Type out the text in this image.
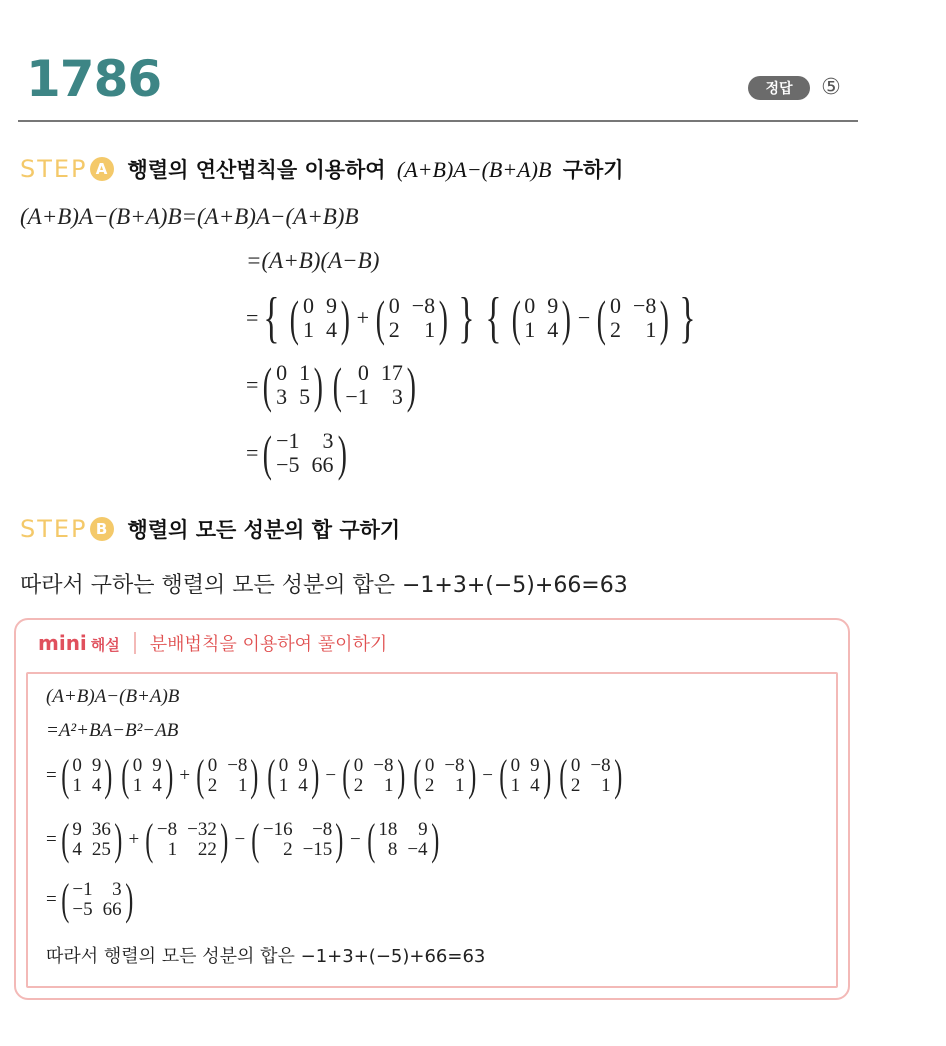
1786	정답	⑤
STEP A 행렬의 연산법칙을 이용하여 (A+B)A−(B+A)B 구하기
(A+B)A−(B+A)B=(A+B)A−(A+B)B
=(A+B)(A−B)
= { ( 0 9
1 4 ) + ( 0 −8
2	1 ) } { ( 0 9
1 4 ) − ( 0 −8
2	1 ) }
= ( 0 1
3 5 ) ( 0 17
−1	3 )
= ( −1	3
−5 66 )
STEP B 행렬의 모든 성분의 합 구하기
따라서 구하는 행렬의 모든 성분의 합은 −1+3+(−5)+66=63
mini 해설 분배법칙을 이용하여 풀이하기
(A+B)A−(B+A)B
=A²+BA−B²−AB
= ( 0 9
1 4 ) ( 0 9
1 4 ) + ( 0 −8
2	1 ) ( 0 9
1 4 ) − ( 0 −8
2	1 ) ( 0 −8
2	1 ) − ( 0 9
1 4 ) ( 0 −8
2	1 )
= ( 9 36
4 25 ) + ( −8 −32
1	22 ) − ( −16	−8
2 −15 ) − ( 18	9
8 −4 )
= ( −1	3
−5 66 )
따라서 행렬의 모든 성분의 합은 −1+3+(−5)+66=63
